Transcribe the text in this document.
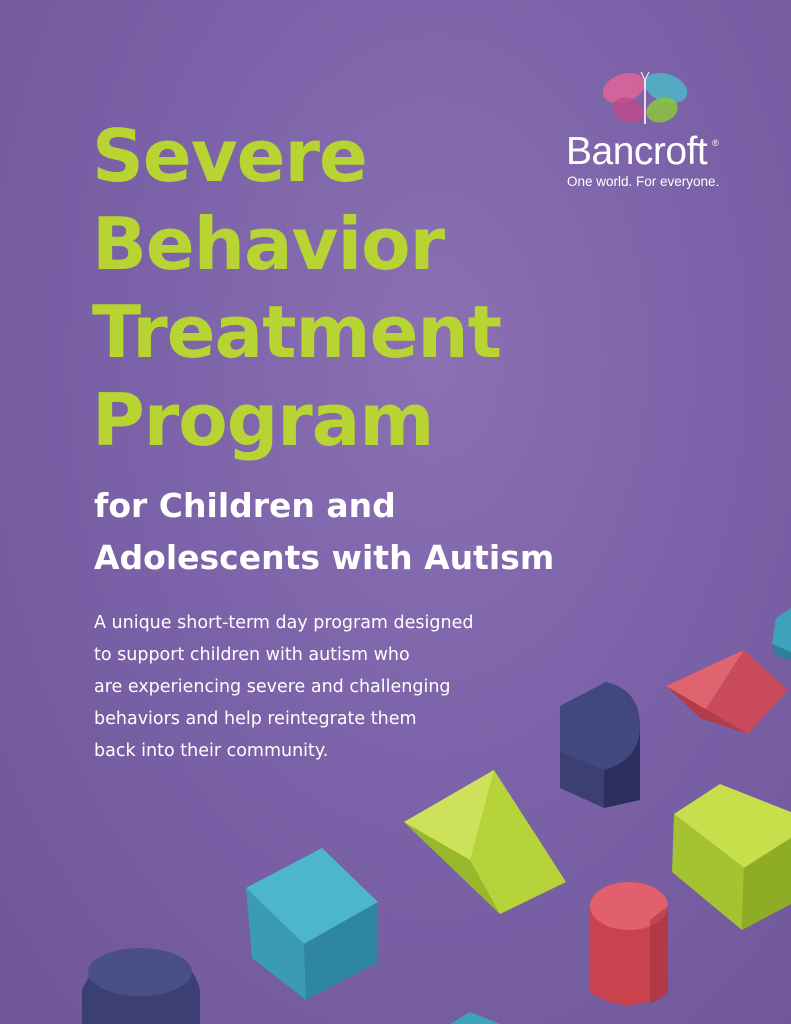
Severe
Behavior
Treatment
Program
for Children and
Adolescents with Autism

A unique short-term day program designed
to support children with autism who
are experiencing severe and challenging
behaviors and help reintegrate them
back into their community.

Bancroft ®
One world. For everyone.
